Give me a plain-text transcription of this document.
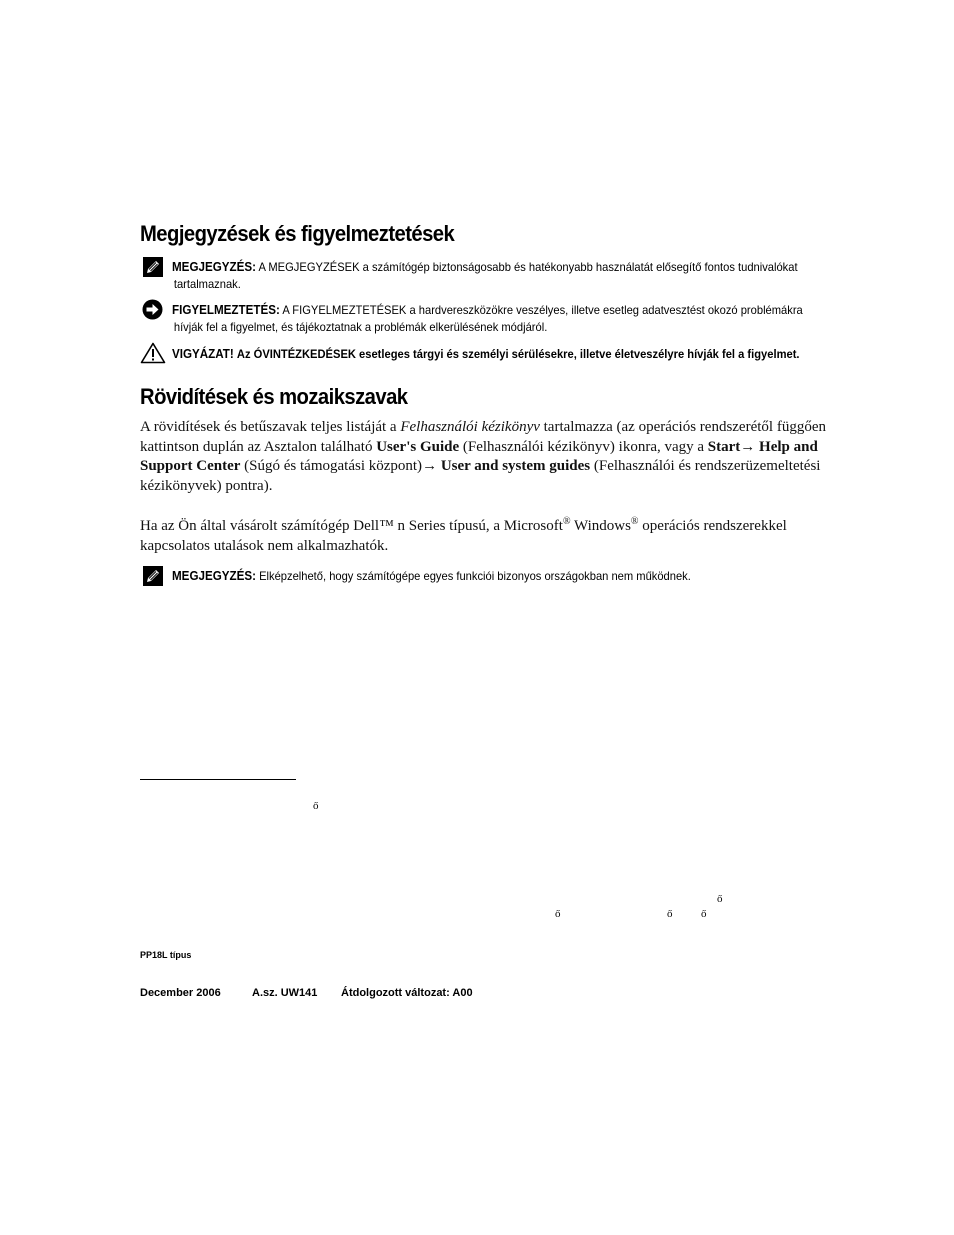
Megjegyzések és figyelmeztetések
MEGJEGYZÉS: A MEGJEGYZÉSEK a számítógép biztonságosabb és hatékonyabb használatát elősegítő fontos tudnivalókat
tartalmaznak.
FIGYELMEZTETÉS: A FIGYELMEZTETÉSEK a hardvereszközökre veszélyes, illetve esetleg adatvesztést okozó problémákra
hívják fel a figyelmet, és tájékoztatnak a problémák elkerülésének módjáról.
VIGYÁZAT! Az ÓVINTÉZKEDÉSEK esetleges tárgyi és személyi sérülésekre, illetve életveszélyre hívják fel a figyelmet.
Rövidítések és mozaikszavak
A rövidítések és betűszavak teljes listáját a Felhasználói kézikönyv tartalmazza (az operációs rendszerétől függően
kattintson duplán az Asztalon található User's Guide (Felhasználói kézikönyv) ikonra, vagy a Start→ Help and
Support Center (Súgó és támogatási központ)→ User and system guides (Felhasználói és rendszerüzemeltetési
kézikönyvek) pontra).
Ha az Ön által vásárolt számítógép Dell™ n Series típusú, a Microsoft® Windows® operációs rendszerekkel
kapcsolatos utalások nem alkalmazhatók.
MEGJEGYZÉS: Elképzelhető, hogy számítógépe egyes funkciói bizonyos országokban nem működnek.
ő
ő
ő	ő	ő
PP18L típus
December 2006	A.sz. UW141 Átdolgozott változat: A00
